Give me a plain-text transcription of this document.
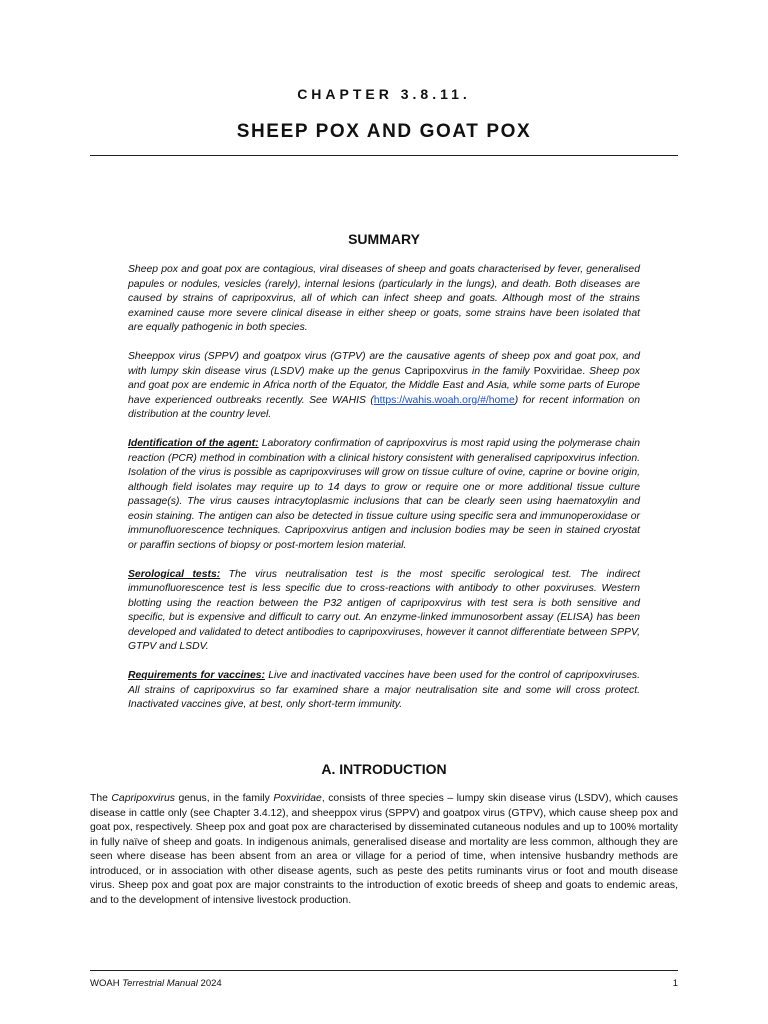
CHAPTER 3.8.11.
SHEEP POX AND GOAT POX
SUMMARY

Sheep pox and goat pox are contagious, viral diseases of sheep and goats characterised by fever, generalised papules or nodules, vesicles (rarely), internal lesions (particularly in the lungs), and death. Both diseases are caused by strains of capripoxvirus, all of which can infect sheep and goats. Although most of the strains examined cause more severe clinical disease in either sheep or goats, some strains have been isolated that are equally pathogenic in both species.

Sheeppox virus (SPPV) and goatpox virus (GTPV) are the causative agents of sheep pox and goat pox, and with lumpy skin disease virus (LSDV) make up the genus Capripoxvirus in the family Poxviridae. Sheep pox and goat pox are endemic in Africa north of the Equator, the Middle East and Asia, while some parts of Europe have experienced outbreaks recently. See WAHIS (https://wahis.woah.org/#/home) for recent information on distribution at the country level.

Identification of the agent: Laboratory confirmation of capripoxvirus is most rapid using the polymerase chain reaction (PCR) method in combination with a clinical history consistent with generalised capripoxvirus infection. Isolation of the virus is possible as capripoxviruses will grow on tissue culture of ovine, caprine or bovine origin, although field isolates may require up to 14 days to grow or require one or more additional tissue culture passage(s). The virus causes intracytoplasmic inclusions that can be clearly seen using haematoxylin and eosin staining. The antigen can also be detected in tissue culture using specific sera and immunoperoxidase or immunofluorescence techniques. Capripoxvirus antigen and inclusion bodies may be seen in stained cryostat or paraffin sections of biopsy or post-mortem lesion material.

Serological tests: The virus neutralisation test is the most specific serological test. The indirect immunofluorescence test is less specific due to cross-reactions with antibody to other poxviruses. Western blotting using the reaction between the P32 antigen of capripoxvirus with test sera is both sensitive and specific, but is expensive and difficult to carry out. An enzyme-linked immunosorbent assay (ELISA) has been developed and validated to detect antibodies to capripoxviruses, however it cannot differentiate between SPPV, GTPV and LSDV.

Requirements for vaccines: Live and inactivated vaccines have been used for the control of capripoxviruses. All strains of capripoxvirus so far examined share a major neutralisation site and some will cross protect. Inactivated vaccines give, at best, only short-term immunity.

A. INTRODUCTION

The Capripoxvirus genus, in the family Poxviridae, consists of three species – lumpy skin disease virus (LSDV), which causes disease in cattle only (see Chapter 3.4.12), and sheeppox virus (SPPV) and goatpox virus (GTPV), which cause sheep pox and goat pox, respectively. Sheep pox and goat pox are characterised by disseminated cutaneous nodules and up to 100% mortality in fully naïve of sheep and goats. In indigenous animals, generalised disease and mortality are less common, although they are seen where disease has been absent from an area or village for a period of time, when intensive husbandry methods are introduced, or in association with other disease agents, such as peste des petits ruminants virus or foot and mouth disease virus. Sheep pox and goat pox are major constraints to the introduction of exotic breeds of sheep and goats to endemic areas, and to the development of intensive livestock production.

WOAH Terrestrial Manual 2024	1
